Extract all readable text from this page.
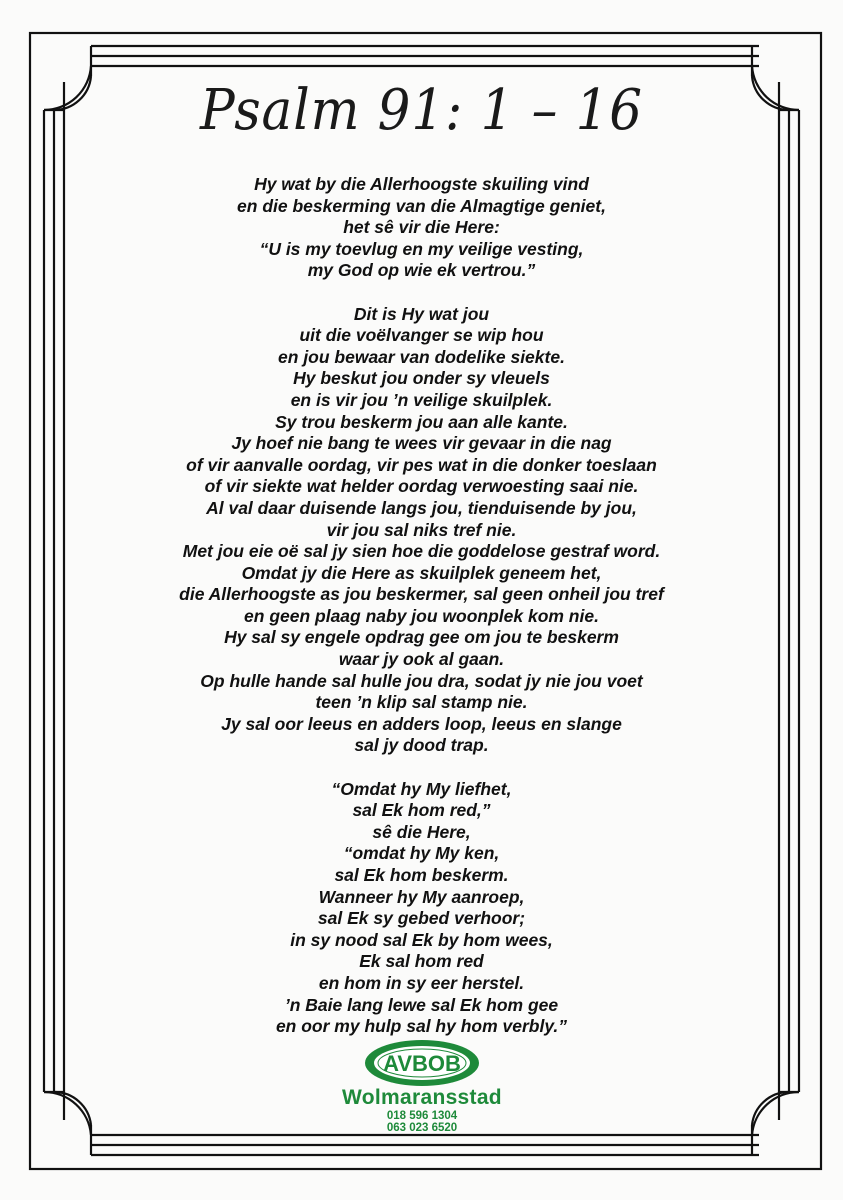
Psalm 91: 1 – 16
Hy wat by die Allerhoogste skuiling vind
en die beskerming van die Almagtige geniet,
het sê vir die Here:
“U is my toevlug en my veilige vesting,
my God op wie ek vertrou.”
Dit is Hy wat jou
uit die voëlvanger se wip hou
en jou bewaar van dodelike siekte.
Hy beskut jou onder sy vleuels
en is vir jou ’n veilige skuilplek.
Sy trou beskerm jou aan alle kante.
Jy hoef nie bang te wees vir gevaar in die nag
of vir aanvalle oordag, vir pes wat in die donker toeslaan
of vir siekte wat helder oordag verwoesting saai nie.
Al val daar duisende langs jou, tienduisende by jou,
vir jou sal niks tref nie.
Met jou eie oë sal jy sien hoe die goddelose gestraf word.
Omdat jy die Here as skuilplek geneem het,
die Allerhoogste as jou beskermer, sal geen onheil jou tref
en geen plaag naby jou woonplek kom nie.
Hy sal sy engele opdrag gee om jou te beskerm
waar jy ook al gaan.
Op hulle hande sal hulle jou dra, sodat jy nie jou voet
teen ’n klip sal stamp nie.
Jy sal oor leeus en adders loop, leeus en slange
sal jy dood trap.
“Omdat hy My liefhet,
sal Ek hom red,”
sê die Here,
“omdat hy My ken,
sal Ek hom beskerm.
Wanneer hy My aanroep,
sal Ek sy gebed verhoor;
in sy nood sal Ek by hom wees,
Ek sal hom red
en hom in sy eer herstel.
’n Baie lang lewe sal Ek hom gee
en oor my hulp sal hy hom verbly.”
AVBOB
Wolmaransstad
018 596 1304
063 023 6520
